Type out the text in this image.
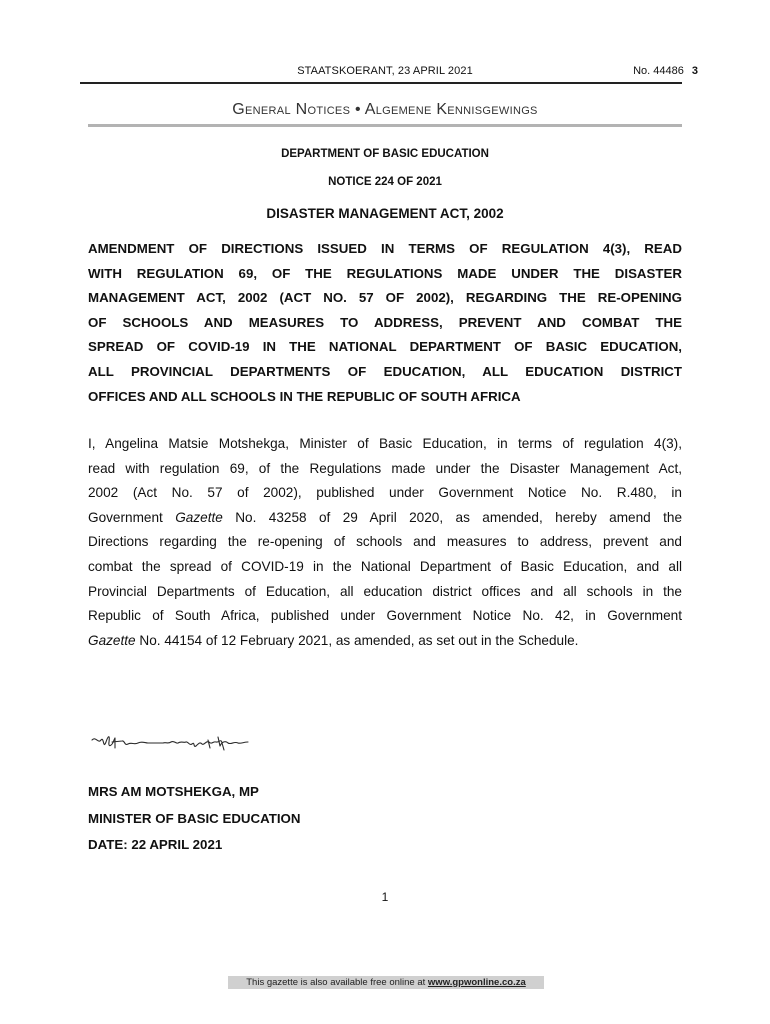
STAATSKOERANT, 23 APRIL 2021	No. 44486 3
General Notices • Algemene Kennisgewings
DEPARTMENT OF BASIC EDUCATION
NOTICE 224 OF 2021
DISASTER MANAGEMENT ACT, 2002
AMENDMENT OF DIRECTIONS ISSUED IN TERMS OF REGULATION 4(3), READ
WITH REGULATION 69, OF THE REGULATIONS MADE UNDER THE DISASTER
MANAGEMENT ACT, 2002 (ACT NO. 57 OF 2002), REGARDING THE RE-OPENING
OF SCHOOLS AND MEASURES TO ADDRESS, PREVENT AND COMBAT THE
SPREAD OF COVID-19 IN THE NATIONAL DEPARTMENT OF BASIC EDUCATION,
ALL PROVINCIAL DEPARTMENTS OF EDUCATION, ALL EDUCATION DISTRICT
OFFICES AND ALL SCHOOLS IN THE REPUBLIC OF SOUTH AFRICA
I, Angelina Matsie Motshekga, Minister of Basic Education, in terms of regulation 4(3),
read with regulation 69, of the Regulations made under the Disaster Management Act,
2002 (Act No. 57 of 2002), published under Government Notice No. R.480, in
Government Gazette No. 43258 of 29 April 2020, as amended, hereby amend the
Directions regarding the re-opening of schools and measures to address, prevent and
combat the spread of COVID-19 in the National Department of Basic Education, and all
Provincial Departments of Education, all education district offices and all schools in the
Republic of South Africa, published under Government Notice No. 42, in Government
Gazette No. 44154 of 12 February 2021, as amended, as set out in the Schedule.
MRS AM MOTSHEKGA, MP
MINISTER OF BASIC EDUCATION
DATE: 22 APRIL 2021
1
This gazette is also available free online at www.gpwonline.co.za
